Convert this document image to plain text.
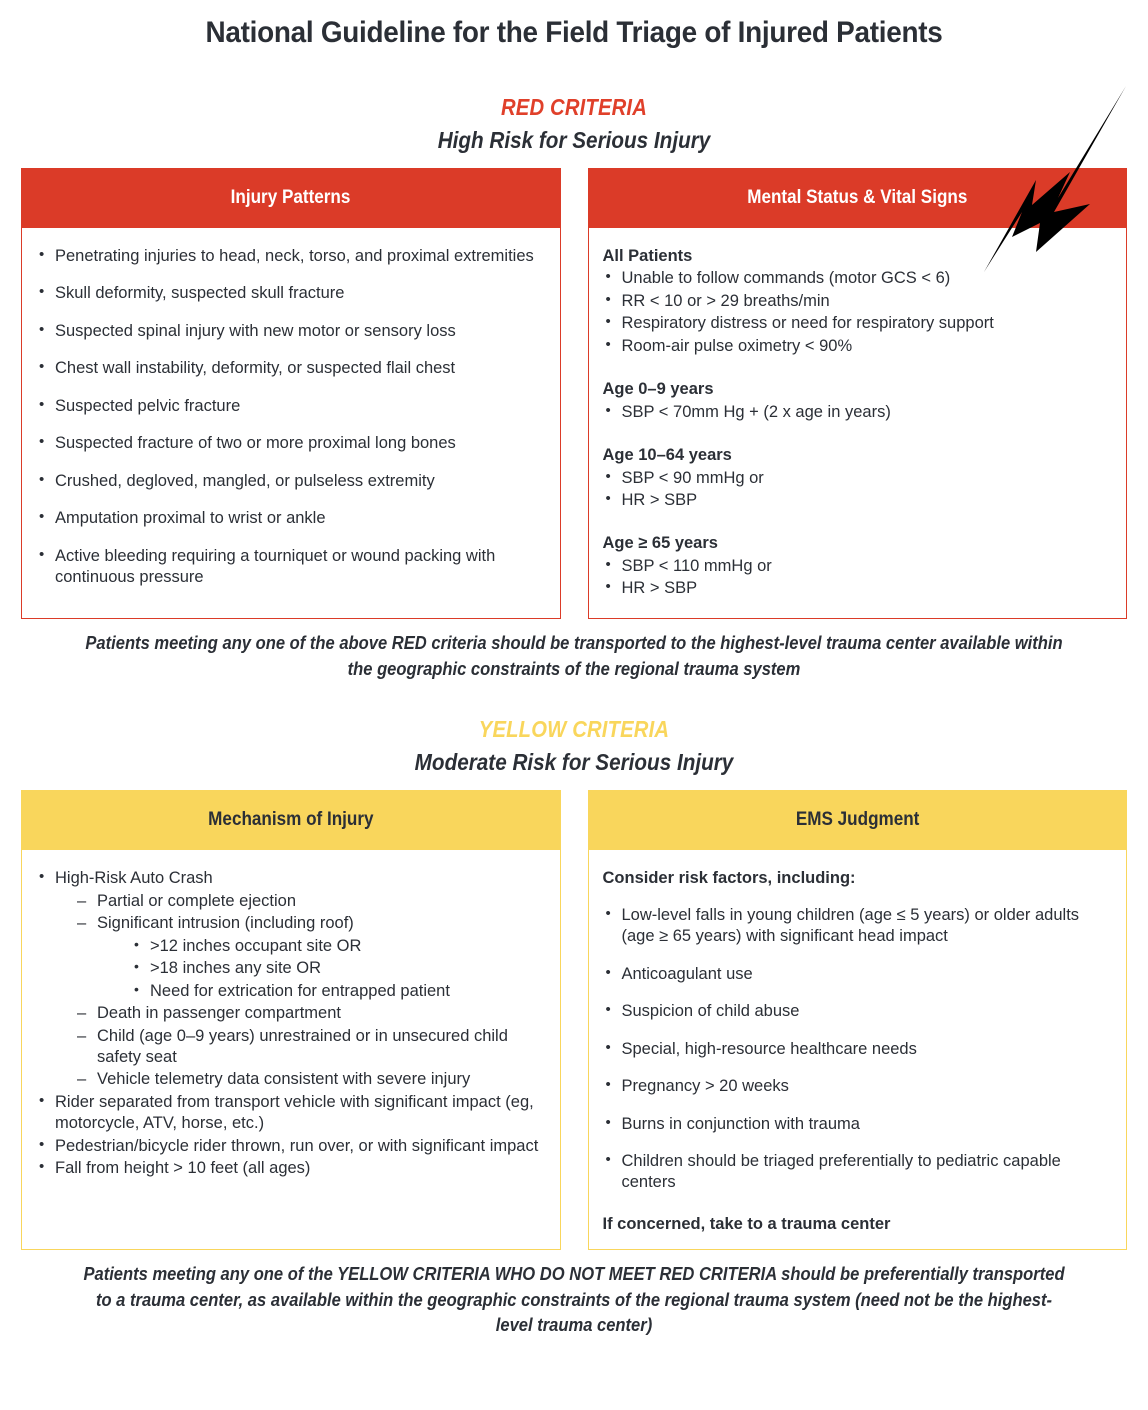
National Guideline for the Field Triage of Injured Patients
RED CRITERIA
High Risk for Serious Injury
Injury Patterns
• Penetrating injuries to head, neck, torso, and proximal extremities
• Skull deformity, suspected skull fracture
• Suspected spinal injury with new motor or sensory loss
• Chest wall instability, deformity, or suspected flail chest
• Suspected pelvic fracture
• Suspected fracture of two or more proximal long bones
• Crushed, degloved, mangled, or pulseless extremity
• Amputation proximal to wrist or ankle
• Active bleeding requiring a tourniquet or wound packing with continuous pressure
Mental Status & Vital Signs
All Patients
• Unable to follow commands (motor GCS < 6)
• RR < 10 or > 29 breaths/min
• Respiratory distress or need for respiratory support
• Room-air pulse oximetry < 90%
Age 0–9 years
• SBP < 70mm Hg + (2 x age in years)
Age 10–64 years
• SBP < 90 mmHg or
• HR > SBP
Age ≥ 65 years
• SBP < 110 mmHg or
• HR > SBP
Patients meeting any one of the above RED criteria should be transported to the highest-level trauma center available within the geographic constraints of the regional trauma system
YELLOW CRITERIA
Moderate Risk for Serious Injury
Mechanism of Injury
• High-Risk Auto Crash
– Partial or complete ejection
– Significant intrusion (including roof)
• >12 inches occupant site OR
• >18 inches any site OR
• Need for extrication for entrapped patient
– Death in passenger compartment
– Child (age 0–9 years) unrestrained or in unsecured child safety seat
– Vehicle telemetry data consistent with severe injury
• Rider separated from transport vehicle with significant impact (eg, motorcycle, ATV, horse, etc.)
• Pedestrian/bicycle rider thrown, run over, or with significant impact
• Fall from height > 10 feet (all ages)
EMS Judgment
Consider risk factors, including:
• Low-level falls in young children (age ≤ 5 years) or older adults (age ≥ 65 years) with significant head impact
• Anticoagulant use
• Suspicion of child abuse
• Special, high-resource healthcare needs
• Pregnancy > 20 weeks
• Burns in conjunction with trauma
• Children should be triaged preferentially to pediatric capable centers
If concerned, take to a trauma center
Patients meeting any one of the YELLOW CRITERIA WHO DO NOT MEET RED CRITERIA should be preferentially transported to a trauma center, as available within the geographic constraints of the regional trauma system (need not be the highest-level trauma center)
